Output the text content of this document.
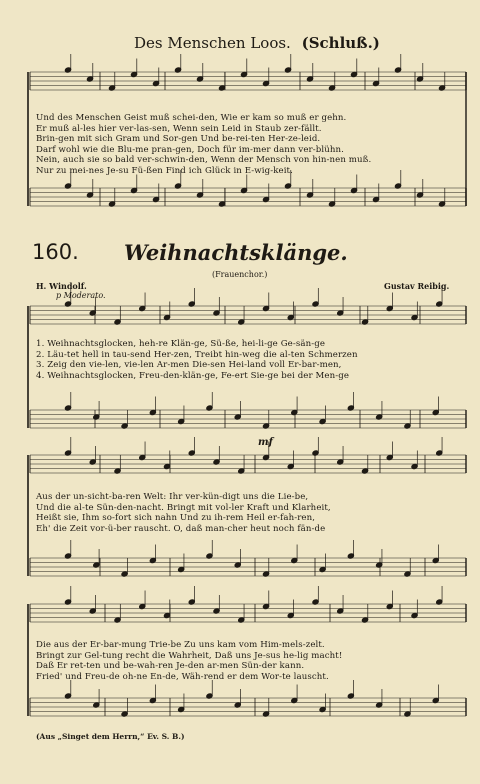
Des Menschen Loos. (Schluß.)
160. Weihnachtsklänge.
(Frauenchor.)
H. Windolf.	Gustav Reibig.
p Moderato.
mf
Und des Menschen Geist muß schei-den, Wie er kam so muß er gehn.
Er muß al-les hier ver-las-sen, Wenn sein Leid in Staub zer-fällt.
Brin-gen mit sich Gram und Sor-gen Und be-rei-ten Her-ze-leid.
Darf wohl wie die Blu-me pran-gen, Doch für im-mer dann ver-blühn.
Nein, auch sie so bald ver-schwin-den, Wenn der Mensch von hin-nen muß.
Nur zu mei-nes Je-su Fü-ßen Find ich Glück in E-wig-keit.
1. Weihnachtsglocken, heh-re Klän-ge, Sü-ße, hei-li-ge Ge-sän-ge
2. Läu-tet hell in tau-send Her-zen, Treibt hin-weg die al-ten Schmerzen
3. Zeig den vie-len, vie-len Ar-men Die-sen Hei-land voll Er-bar-men,
4. Weihnachtsglocken, Freu-den-klän-ge, Fe-ert Sie-ge bei der Men-ge
Aus der un-sicht-ba-ren Welt: Ihr ver-kün-digt uns die Lie-be,
Und die al-te Sün-den-nacht. Bringt mit vol-ler Kraft und Klarheit,
Heißt sie, Ihm so-fort sich nahn Und zu ih-rem Heil er-fah-ren,
Eh' die Zeit vor-ü-ber rauscht. O, daß man-cher heut noch fän-de
Die aus der Er-bar-mung Trie-be Zu uns kam vom Him-mels-zelt.
Bringt zur Gel-tung recht die Wahrheit, Daß uns Je-sus he-lig macht!
Daß Er ret-ten und be-wah-ren Je-den ar-men Sün-der kann.
Fried' und Freu-de oh-ne En-de, Wäh-rend er dem Wor-te lauscht.
(Aus „Singet dem Herrn,“ Ev. S. B.)
